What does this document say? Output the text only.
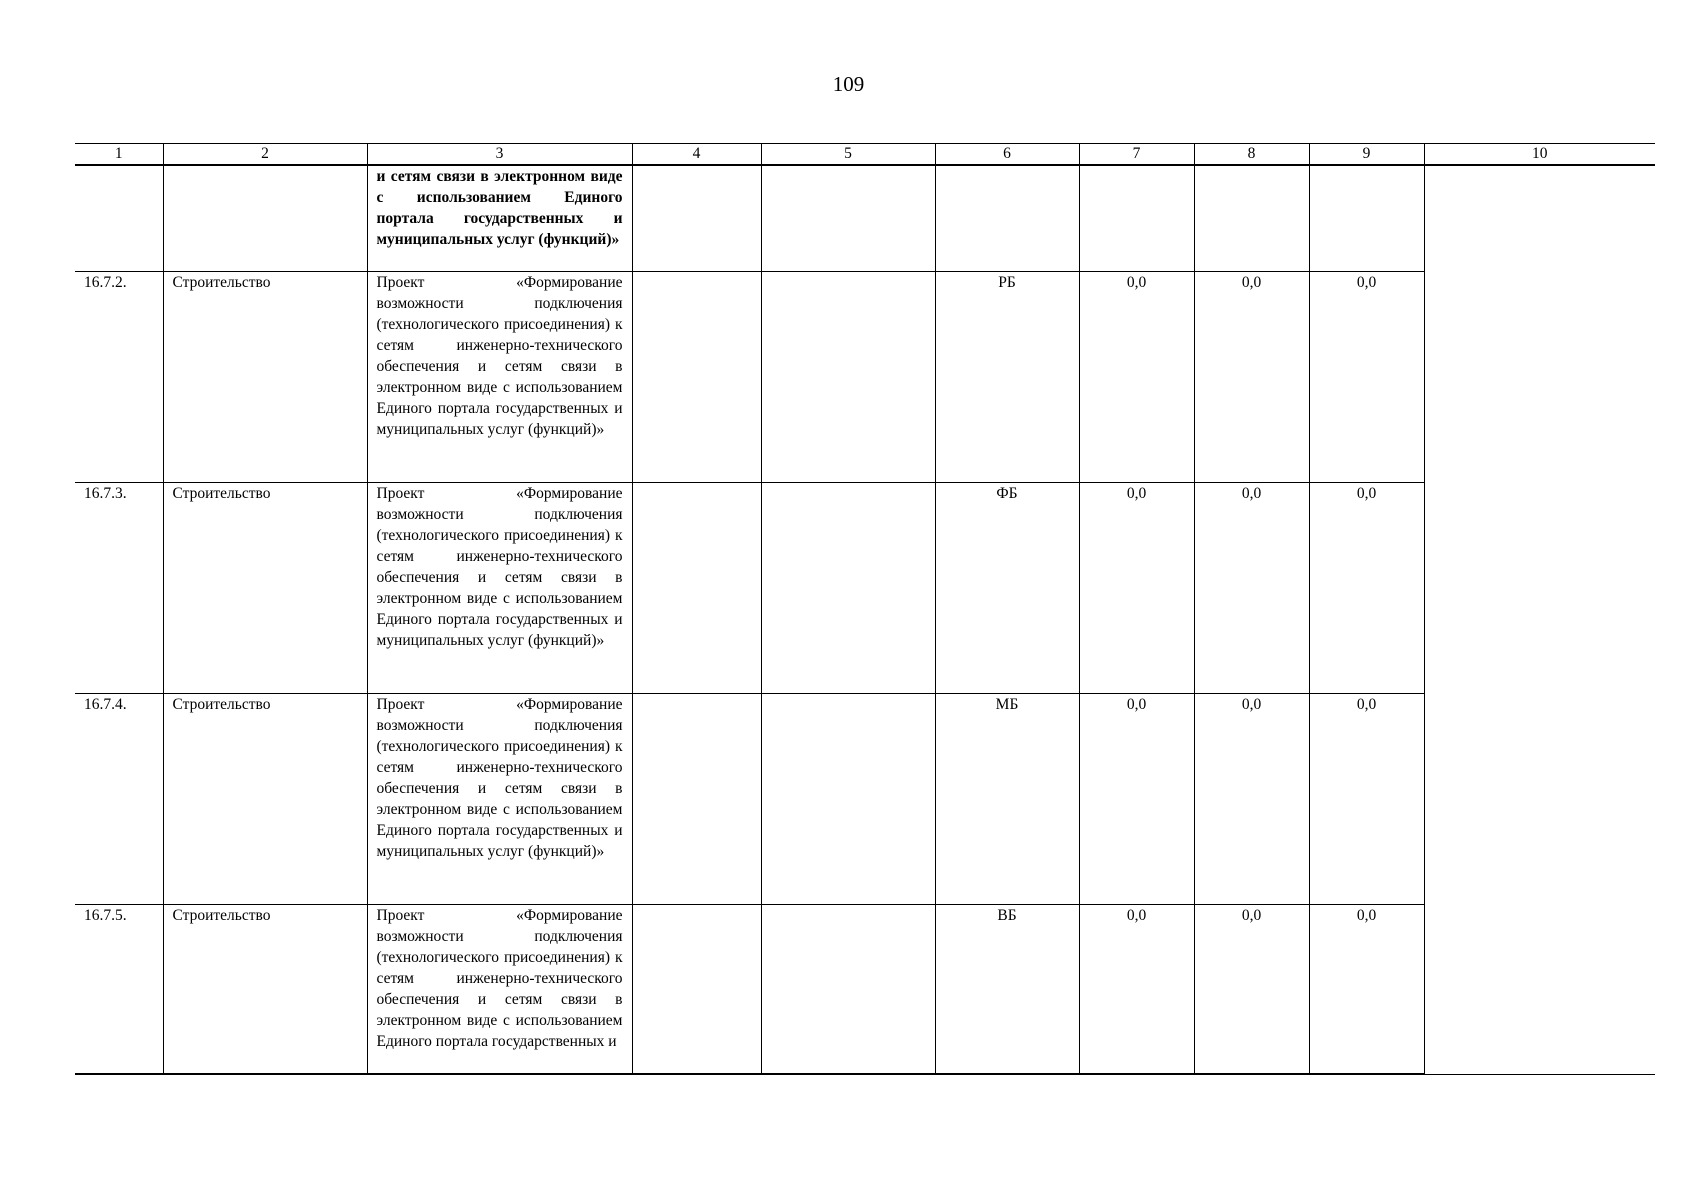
109
1	2	3	4	5	6	7	8	9	10
		и сетям связи в электронном виде с использованием Единого портала государственных и муниципальных услуг (функций)»							
16.7.2.	Строительство	Проект «Формирование возможности подключения (технологического присоединения) к сетям инженерно-технического обеспечения и сетям связи в электронном виде с использованием Единого портала государственных и муниципальных услуг (функций)»			РБ	0,0	0,0	0,0	
16.7.3.	Строительство	Проект «Формирование возможности подключения (технологического присоединения) к сетям инженерно-технического обеспечения и сетям связи в электронном виде с использованием Единого портала государственных и муниципальных услуг (функций)»			ФБ	0,0	0,0	0,0	
16.7.4.	Строительство	Проект «Формирование возможности подключения (технологического присоединения) к сетям инженерно-технического обеспечения и сетям связи в электронном виде с использованием Единого портала государственных и муниципальных услуг (функций)»			МБ	0,0	0,0	0,0	
16.7.5.	Строительство	Проект «Формирование возможности подключения (технологического присоединения) к сетям инженерно-технического обеспечения и сетям связи в электронном виде с использованием Единого портала государственных и			ВБ	0,0	0,0	0,0	
